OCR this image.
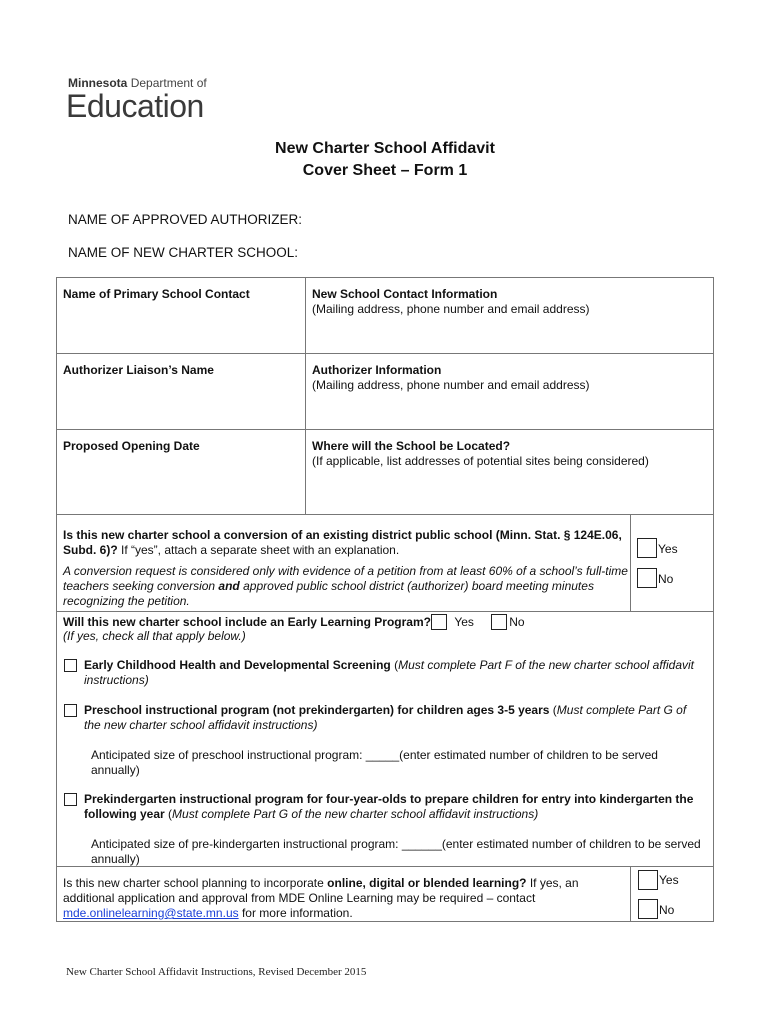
Minnesota Department of
Education
New Charter School Affidavit
Cover Sheet – Form 1
NAME OF APPROVED AUTHORIZER:
NAME OF NEW CHARTER SCHOOL:
Name of Primary School Contact	New School Contact Information
(Mailing address, phone number and email address)
Authorizer Liaison’s Name	Authorizer Information
(Mailing address, phone number and email address)
Proposed Opening Date	Where will the School be Located?
(If applicable, list addresses of potential sites being considered)
Is this new charter school a conversion of an existing district public school (Minn. Stat. § 124E.06, Subd. 6)? If “yes”, attach a separate sheet with an explanation.
A conversion request is considered only with evidence of a petition from at least 60% of a school’s full-time teachers seeking conversion and approved public school district (authorizer) board meeting minutes recognizing the petition.
Yes
No
Will this new charter school include an Early Learning Program? Yes	No
(If yes, check all that apply below.)
Early Childhood Health and Developmental Screening (Must complete Part F of the new charter school affidavit instructions)
Preschool instructional program (not prekindergarten) for children ages 3-5 years (Must complete Part G of the new charter school affidavit instructions)
Anticipated size of preschool instructional program: _____(enter estimated number of children to be served annually)
Prekindergarten instructional program for four-year-olds to prepare children for entry into kindergarten the following year (Must complete Part G of the new charter school affidavit instructions)
Anticipated size of pre-kindergarten instructional program: ______(enter estimated number of children to be served annually)
Is this new charter school planning to incorporate online, digital or blended learning? If yes, an additional application and approval from MDE Online Learning may be required – contact mde.onlinelearning@state.mn.us for more information.
Yes
No
New Charter School Affidavit Instructions, Revised December 2015
